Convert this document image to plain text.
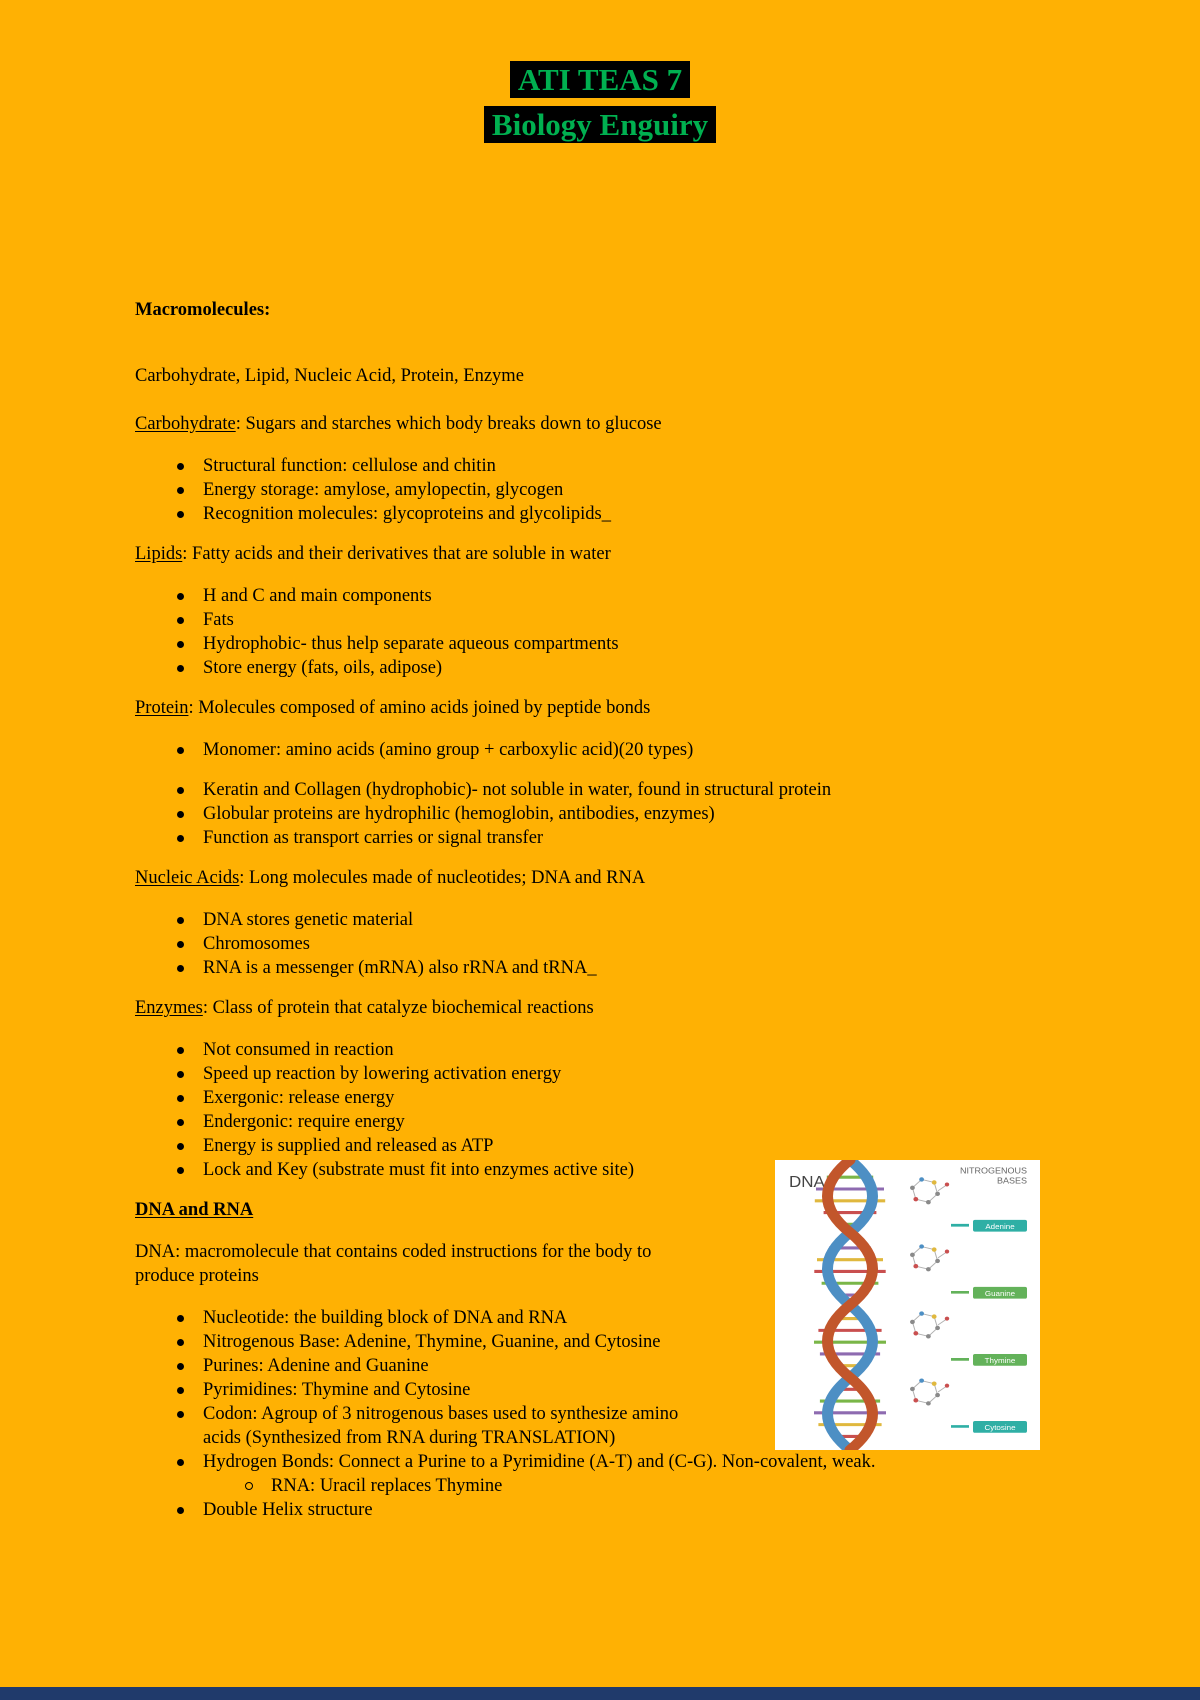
ATI TEAS 7
Biology Enguiry

Macromolecules:

Carbohydrate, Lipid, Nucleic Acid, Protein, Enzyme

Carbohydrate: Sugars and starches which body breaks down to glucose

Structural function: cellulose and chitin
Energy storage: amylose, amylopectin, glycogen
Recognition molecules: glycoproteins and glycolipids_

Lipids: Fatty acids and their derivatives that are soluble in water

H and C and main components
Fats
Hydrophobic- thus help separate aqueous compartments
Store energy (fats, oils, adipose)

Protein: Molecules composed of amino acids joined by peptide bonds

Monomer: amino acids (amino group + carboxylic acid)(20 types)
Keratin and Collagen (hydrophobic)- not soluble in water, found in structural protein
Globular proteins are hydrophilic (hemoglobin, antibodies, enzymes)
Function as transport carries or signal transfer

Nucleic Acids: Long molecules made of nucleotides; DNA and RNA

DNA stores genetic material
Chromosomes
RNA is a messenger (mRNA) also rRNA and tRNA_

Enzymes: Class of protein that catalyze biochemical reactions

Not consumed in reaction
Speed up reaction by lowering activation energy
Exergonic: release energy
Endergonic: require energy
Energy is supplied and released as ATP
Lock and Key (substrate must fit into enzymes active site)

DNA and RNA

DNA: macromolecule that contains coded instructions for the body to produce proteins

Nucleotide: the building block of DNA and RNA
Nitrogenous Base: Adenine, Thymine, Guanine, and Cytosine
Purines: Adenine and Guanine
Pyrimidines: Thymine and Cytosine
Codon: Agroup of 3 nitrogenous bases used to synthesize amino acids (Synthesized from RNA during TRANSLATION)
Hydrogen Bonds: Connect a Purine to a Pyrimidine (A-T) and (C-G). Non-covalent, weak.
RNA: Uracil replaces Thymine
Double Helix structure
DNA
NITROGENOUS
BASES
Adenine
Guanine
Thymine
Cytosine
